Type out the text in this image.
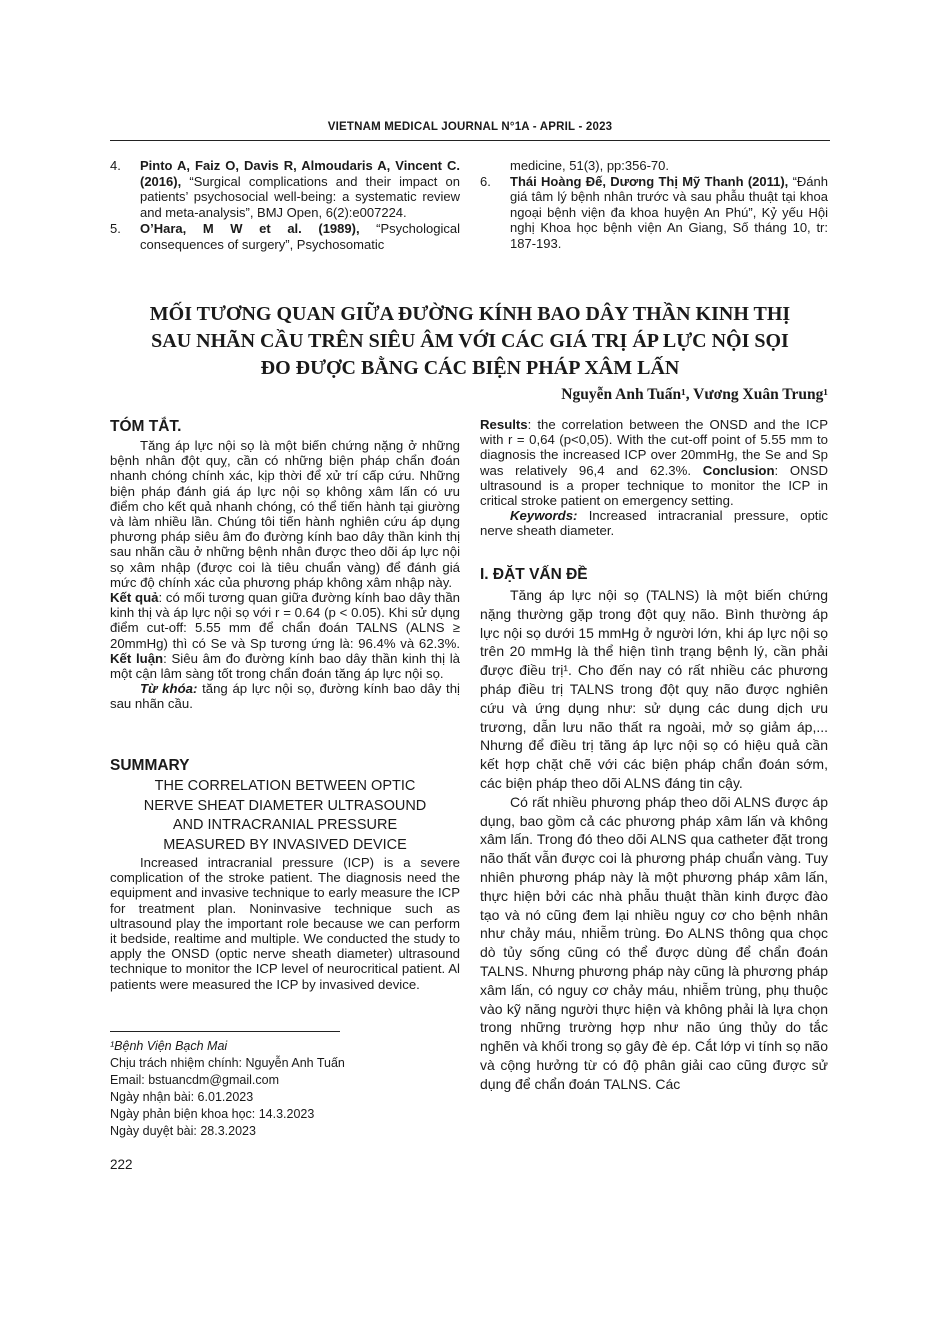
VIETNAM MEDICAL JOURNAL N°1A - APRIL - 2023
4. Pinto A, Faiz O, Davis R, Almoudaris A, Vincent C. (2016), “Surgical complications and their impact on patients’ psychosocial well-being: a systematic review and meta-analysis”, BMJ Open, 6(2):e007224.
5. O’Hara, M W et al. (1989), “Psychological consequences of surgery”, Psychosomatic
medicine, 51(3), pp:356-70.
6. Thái Hoàng Đế, Dương Thị Mỹ Thanh (2011), “Đánh giá tâm lý bệnh nhân trước và sau phẫu thuật tại khoa ngoại bệnh viện đa khoa huyện An Phú”, Kỷ yếu Hội nghị Khoa học bệnh viện An Giang, Số tháng 10, tr: 187-193.
MỐI TƯƠNG QUAN GIỮA ĐƯỜNG KÍNH BAO DÂY THẦN KINH THỊ
SAU NHÃN CẦU TRÊN SIÊU ÂM VỚI CÁC GIÁ TRỊ ÁP LỰC NỘI SỌI
ĐO ĐƯỢC BẰNG CÁC BIỆN PHÁP XÂM LẤN
Nguyễn Anh Tuấn¹, Vương Xuân Trung¹
TÓM TẮT.

Tăng áp lực nội sọ là một biến chứng nặng ở những bệnh nhân đột quỵ, cần có những biện pháp chẩn đoán nhanh chóng chính xác, kịp thời để xử trí cấp cứu. Những biện pháp đánh giá áp lực nội sọ không xâm lấn có ưu điểm cho kết quả nhanh chóng, có thể tiến hành tại giường và làm nhiều lần. Chúng tôi tiến hành nghiên cứu áp dụng phương pháp siêu âm đo đường kính bao dây thần kinh thị sau nhãn cầu ở những bệnh nhân được theo dõi áp lực nội sọ xâm nhập (được coi là tiêu chuẩn vàng) để đánh giá mức độ chính xác của phương pháp không xâm nhập này.

Kết quả: có mối tương quan giữa đường kính bao dây thần kinh thị và áp lực nội sọ với r = 0.64 (p < 0.05). Khi sử dụng điểm cut-off: 5.55 mm để chẩn đoán TALNS (ALNS ≥ 20mmHg) thì có Se và Sp tương ứng là: 96.4% và 62.3%. Kết luận: Siêu âm đo đường kính bao dây thần kinh thị là một cận lâm sàng tốt trong chẩn đoán tăng áp lực nội sọ.

Từ khóa: tăng áp lực nội sọ, đường kính bao dây thị sau nhãn cầu.

SUMMARY
THE CORRELATION BETWEEN OPTIC
NERVE SHEAT DIAMETER ULTRASOUND
AND INTRACRANIAL PRESSURE
MEASURED BY INVASIVED DEVICE

Increased intracranial pressure (ICP) is a severe complication of the stroke patient. The diagnosis need the equipment and invasive technique to early measure the ICP for treatment plan. Noninvasive technique such as ultrasound play the important role because we can perform it bedside, realtime and multiple. We conducted the study to apply the ONSD (optic nerve sheath diameter) ultrasound technique to monitor the ICP level of neurocritical patient. Al patients were measured the ICP by invasived device.

¹Bệnh Viện Bạch Mai
Chịu trách nhiệm chính: Nguyễn Anh Tuấn
Email: bstuancdm@gmail.com
Ngày nhận bài: 6.01.2023
Ngày phản biện khoa học: 14.3.2023
Ngày duyệt bài: 28.3.2023
222

Results: the correlation between the ONSD and the ICP with r = 0,64 (p<0,05). With the cut-off point of 5.55 mm to diagnosis the increased ICP over 20mmHg, the Se and Sp was relatively 96,4 and 62.3%. Conclusion: ONSD ultrasound is a proper technique to monitor the ICP in critical stroke patient on emergency setting.

Keywords: Increased intracranial pressure, optic nerve sheath diameter.

I. ĐẶT VẤN ĐỀ

Tăng áp lực nội sọ (TALNS) là một biến chứng nặng thường gặp trong đột quỵ não. Bình thường áp lực nội sọ dưới 15 mmHg ở người lớn, khi áp lực nội sọ trên 20 mmHg là thể hiện tình trạng bệnh lý, cần phải được điều trị¹. Cho đến nay có rất nhiều các phương pháp điều trị TALNS trong đột quỵ não được nghiên cứu và ứng dụng như: sử dụng các dung dịch ưu trương, dẫn lưu não thất ra ngoài, mở sọ giảm áp,... Nhưng để điều trị tăng áp lực nội sọ có hiệu quả cần kết hợp chặt chẽ với các biện pháp chẩn đoán sớm, các biện pháp theo dõi ALNS đáng tin cậy.

Có rất nhiều phương pháp theo dõi ALNS được áp dụng, bao gồm cả các phương pháp xâm lấn và không xâm lấn. Trong đó theo dõi ALNS qua catheter đặt trong não thất vẫn được coi là phương pháp chuẩn vàng. Tuy nhiên phương pháp này là một phương pháp xâm lấn, thực hiện bởi các nhà phẫu thuật thần kinh được đào tạo và nó cũng đem lại nhiều nguy cơ cho bệnh nhân như chảy máu, nhiễm trùng. Đo ALNS thông qua chọc dò tủy sống cũng có thể được dùng để chẩn đoán TALNS. Nhưng phương pháp này cũng là phương pháp xâm lấn, có nguy cơ chảy máu, nhiễm trùng, phụ thuộc vào kỹ năng người thực hiện và không phải là lựa chọn trong những trường hợp như não úng thủy do tắc nghẽn và khối trong sọ gây đè ép. Cắt lớp vi tính sọ não và cộng hưởng từ có độ phân giải cao cũng được sử dụng để chẩn đoán TALNS. Các
